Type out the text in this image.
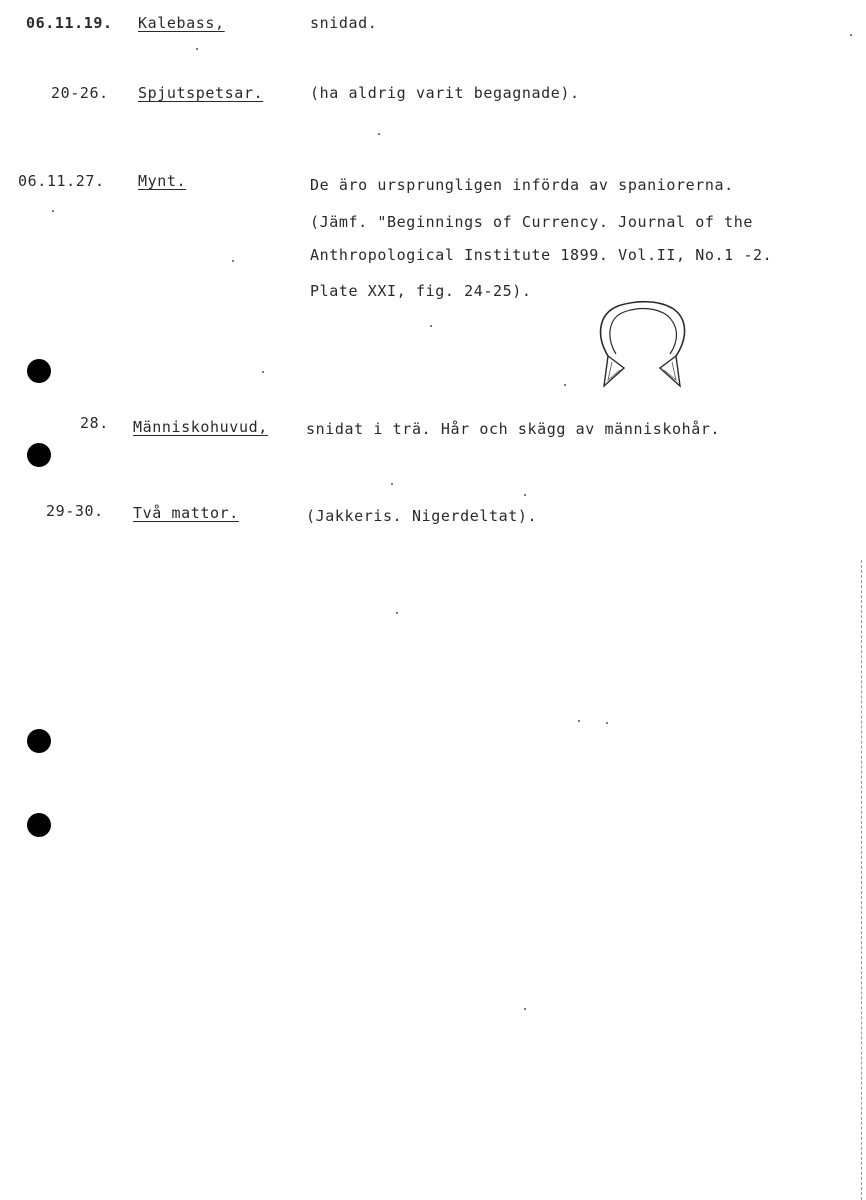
06.11.19. Kalebass,	snidad.
20-26. Spjutspetsar.	(ha aldrig varit begagnade).
06.11.27. Mynt.	De äro ursprungligen införda av spaniorerna.
(Jämf. "Beginnings of Currency. Journal of the
Anthropological Institute 1899. Vol.II, No.1 -2.
Plate XXI, fig. 24-25).
28. Människohuvud,	snidat i trä. Hår och skägg av människohår.
29-30. Två mattor.	(Jakkeris. Nigerdeltat).
